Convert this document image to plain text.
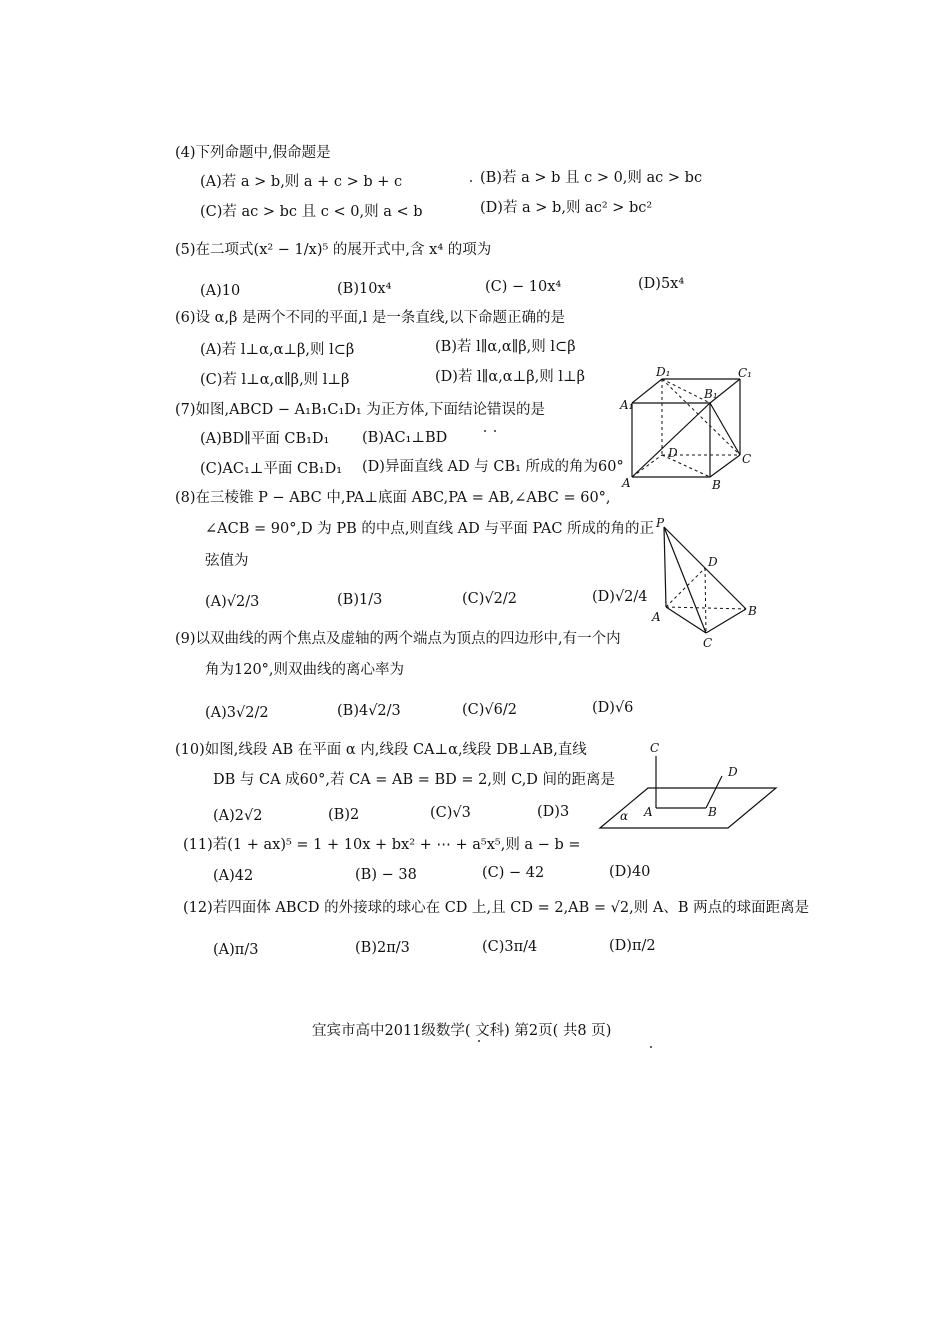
(4)下列命题中,假命题是
(A)若 a > b,则 a + c > b + c	(B)若 a > b 且 c > 0,则 ac > bc
(C)若 ac > bc 且 c < 0,则 a < b	(D)若 a > b,则 ac² > bc²
(5)在二项式(x² − 1/x)⁵ 的展开式中,含 x⁴ 的项为
(A)10	(B)10x⁴	(C) − 10x⁴	(D)5x⁴
(6)设 α,β 是两个不同的平面,l 是一条直线,以下命题正确的是
(A)若 l⊥α,α⊥β,则 l⊂β	(B)若 l∥α,α∥β,则 l⊂β
(C)若 l⊥α,α∥β,则 l⊥β	(D)若 l∥α,α⊥β,则 l⊥β
(7)如图,ABCD − A₁B₁C₁D₁ 为正方体,下面结论错误的是
(A)BD∥平面 CB₁D₁ (B)AC₁⊥BD
(C)AC₁⊥平面 CB₁D₁ (D)异面直线 AD 与 CB₁ 所成的角为60°
D₁
B₁
C₁
A₁
D	C
A	B
(8)在三棱锥 P − ABC 中,PA⊥底面 ABC,PA = AB,∠ABC = 60°,
∠ACB = 90°,D 为 PB 的中点,则直线 AD 与平面 PAC 所成的角的正
弦值为
(A)√2/3	(B)1/3	(C)√2/2	(D)√2/4
P
D
A	B
C
(9)以双曲线的两个焦点及虚轴的两个端点为顶点的四边形中,有一个内
角为120°,则双曲线的离心率为
(A)3√2/2	(B)4√2/3	(C)√6/2	(D)√6
(10)如图,线段 AB 在平面 α 内,线段 CA⊥α,线段 DB⊥AB,直线
DB 与 CA 成60°,若 CA = AB = BD = 2,则 C,D 间的距离是
(A)2√2	(B)2	(C)√3	(D)3
C
D
α A	B
(11)若(1 + ax)⁵ = 1 + 10x + bx² + ⋯ + a⁵x⁵,则 a − b =
(A)42	(B) − 38	(C) − 42	(D)40
(12)若四面体 ABCD 的外接球的球心在 CD 上,且 CD = 2,AB = √2,则 A、B 两点的球面距离是
(A)π/3	(B)2π/3	(C)3π/4	(D)π/2
宜宾市高中2011级数学( 文科) 第2页( 共8 页)
